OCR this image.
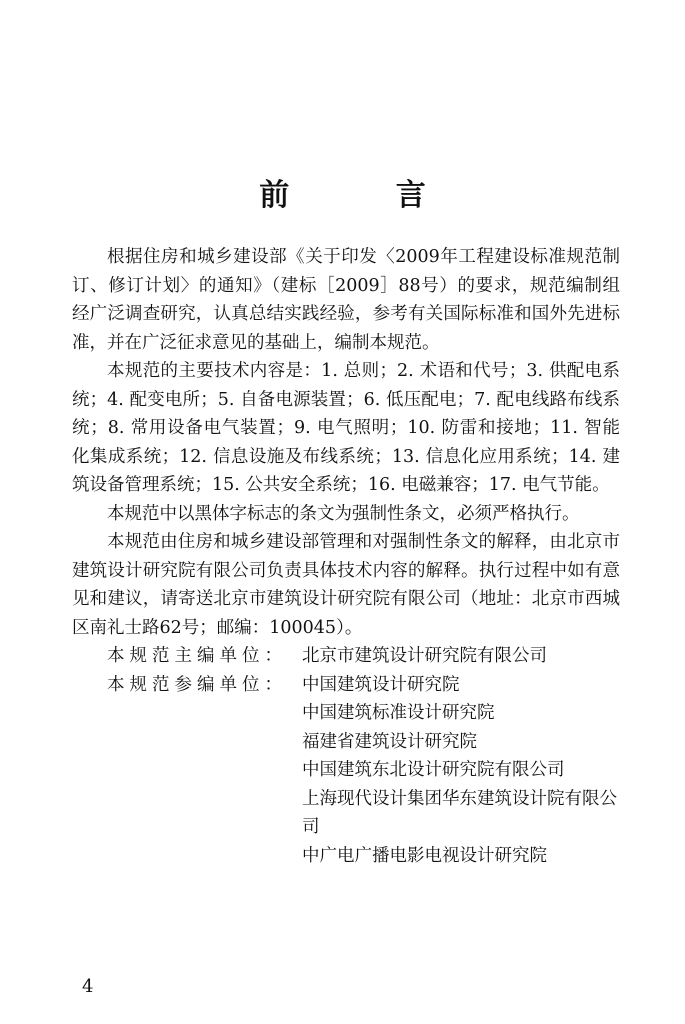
前 言

根据住房和城乡建设部《关于印发〈2009年工程建设标准规范制订、修订计划〉的通知》（建标［2009］88号）的要求，规范编制组经广泛调查研究，认真总结实践经验，参考有关国际标准和国外先进标准，并在广泛征求意见的基础上，编制本规范。

本规范的主要技术内容是：1. 总则；2. 术语和代号；3. 供配电系统；4. 配变电所；5. 自备电源装置；6. 低压配电；7. 配电线路布线系统；8. 常用设备电气装置；9. 电气照明；10. 防雷和接地；11. 智能化集成系统；12. 信息设施及布线系统；13. 信息化应用系统；14. 建筑设备管理系统；15. 公共安全系统；16. 电磁兼容；17. 电气节能。

本规范中以黑体字标志的条文为强制性条文，必须严格执行。

本规范由住房和城乡建设部管理和对强制性条文的解释，由北京市建筑设计研究院有限公司负责具体技术内容的解释。执行过程中如有意见和建议，请寄送北京市建筑设计研究院有限公司（地址：北京市西城区南礼士路62号；邮编：100045）。

本规范主编单位： 北京市建筑设计研究院有限公司
本规范参编单位： 中国建筑设计研究院
中国建筑标准设计研究院
福建省建筑设计研究院
中国建筑东北设计研究院有限公司
上海现代设计集团华东建筑设计院有限公司
中广电广播电影电视设计研究院
4
